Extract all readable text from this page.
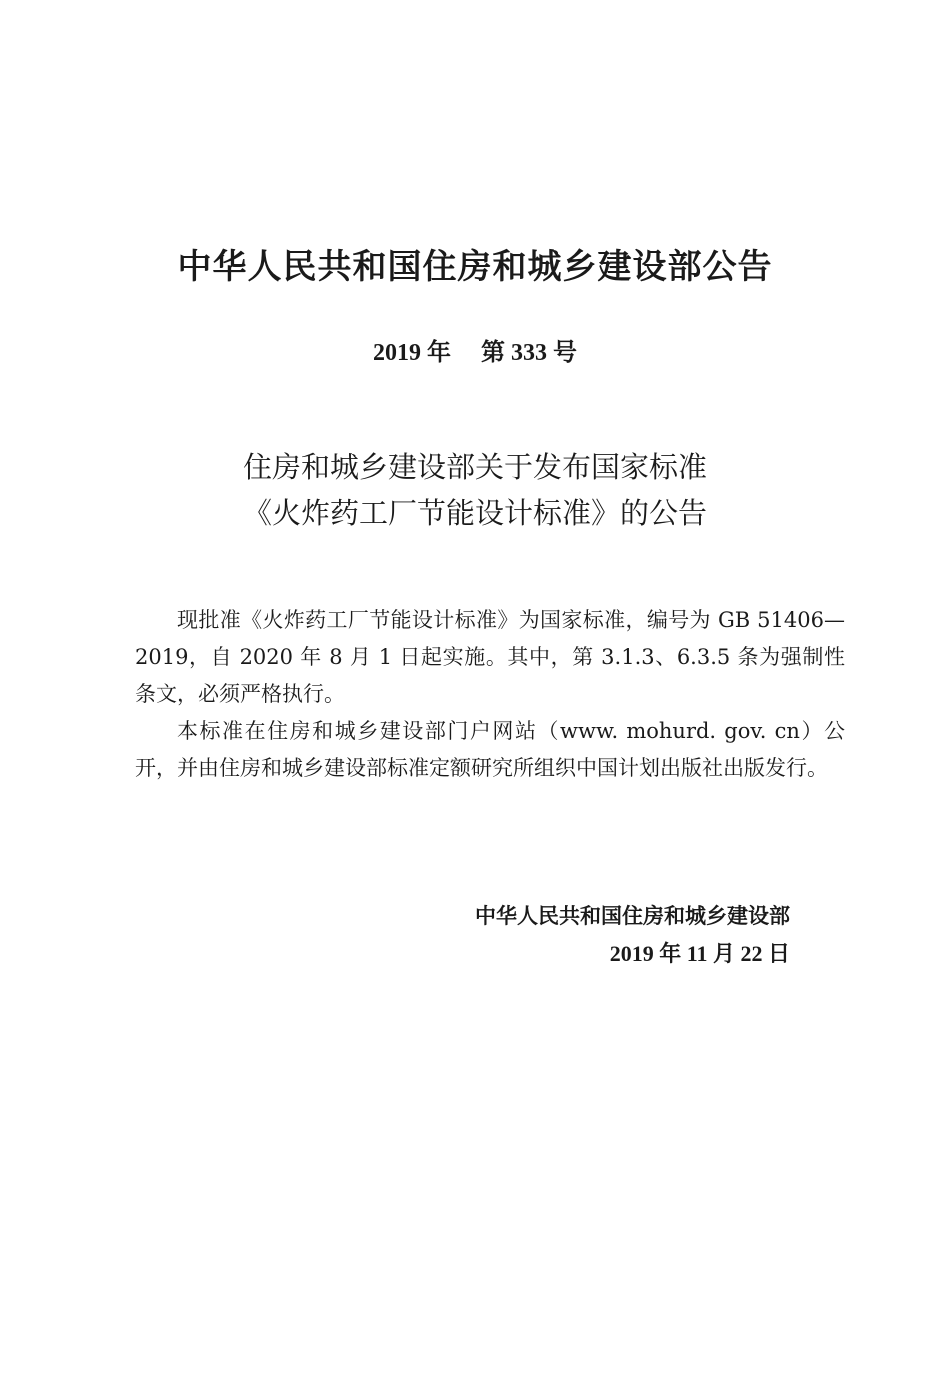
中华人民共和国住房和城乡建设部公告
2019 年 第 333 号
住房和城乡建设部关于发布国家标准
《火炸药工厂节能设计标准》的公告

现批准《火炸药工厂节能设计标准》为国家标准，编号为 GB 51406—2019，自 2020 年 8 月 1 日起实施。其中，第 3.1.3、6.3.5 条为强制性条文，必须严格执行。

本标准在住房和城乡建设部门户网站（www. mohurd. gov. cn）公开，并由住房和城乡建设部标准定额研究所组织中国计划出版社出版发行。

中华人民共和国住房和城乡建设部
2019 年 11 月 22 日
